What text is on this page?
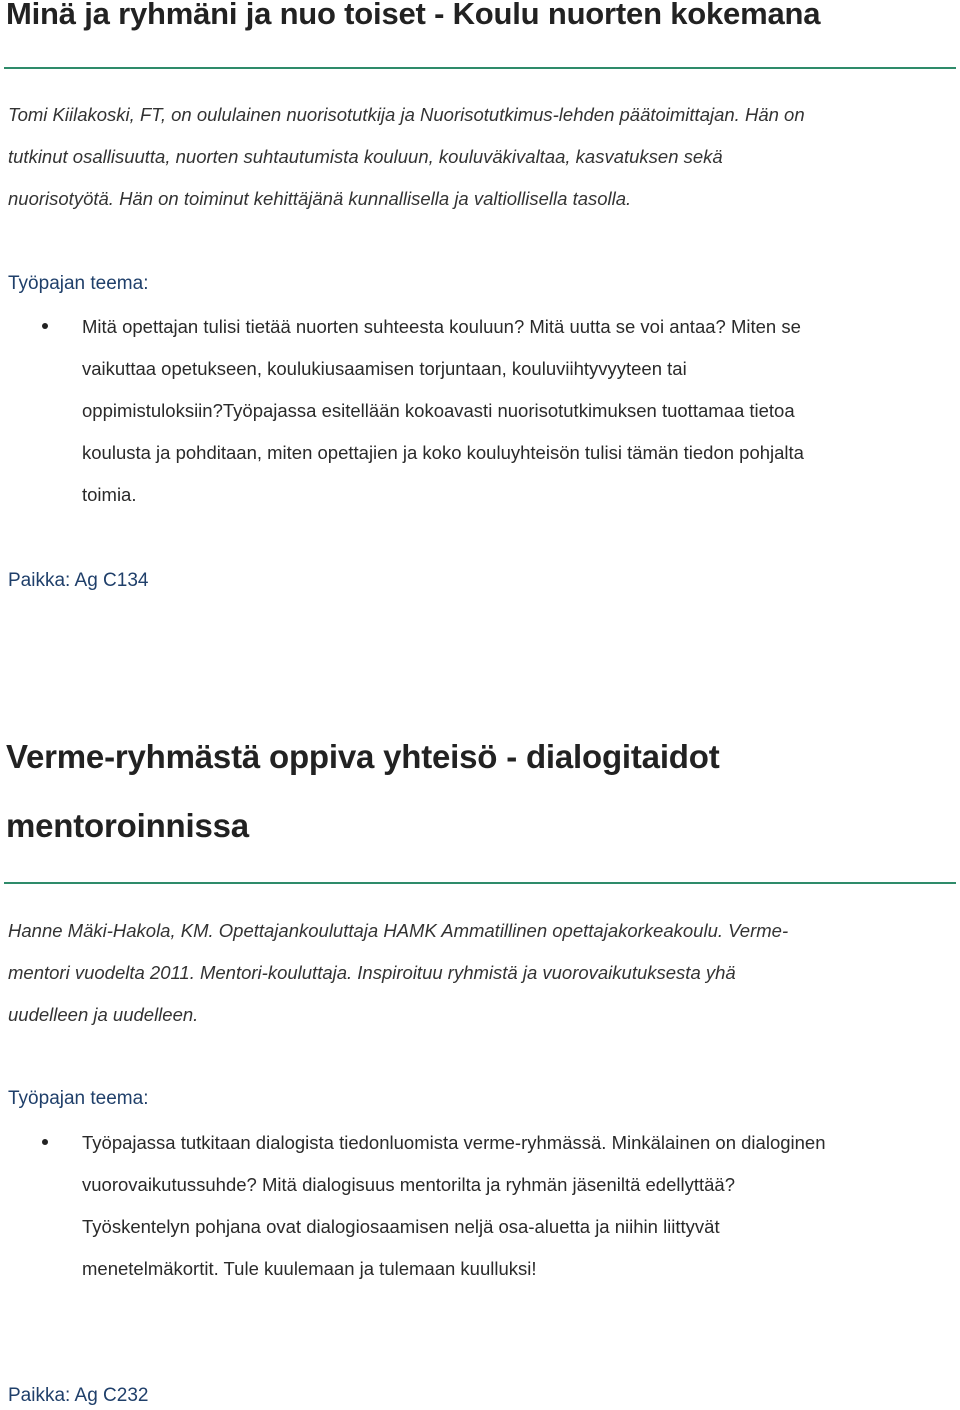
Minä ja ryhmäni ja nuo toiset - Koulu nuorten kokemana

Tomi Kiilakoski, FT, on oululainen nuorisotutkija ja Nuorisotutkimus-lehden päätoimittajan. Hän on

tutkinut osallisuutta, nuorten suhtautumista kouluun, kouluväkivaltaa, kasvatuksen sekä

nuorisotyötä. Hän on toiminut kehittäjänä kunnallisella ja valtiollisella tasolla.

Työpajan teema:

Mitä opettajan tulisi tietää nuorten suhteesta kouluun? Mitä uutta se voi antaa? Miten se

vaikuttaa opetukseen, koulukiusaamisen torjuntaan, kouluviihtyvyyteen tai

oppimistuloksiin?Työpajassa esitellään kokoavasti nuorisotutkimuksen tuottamaa tietoa

koulusta ja pohditaan, miten opettajien ja koko kouluyhteisön tulisi tämän tiedon pohjalta

toimia.

Paikka: Ag C134

Verme-ryhmästä oppiva yhteisö - dialogitaidot
mentoroinnissa

Hanne Mäki-Hakola, KM. Opettajankouluttaja HAMK Ammatillinen opettajakorkeakoulu. Verme-

mentori vuodelta 2011. Mentori-kouluttaja. Inspiroituu ryhmistä ja vuorovaikutuksesta yhä

uudelleen ja uudelleen.

Työpajan teema:

Työpajassa tutkitaan dialogista tiedonluomista verme-ryhmässä. Minkälainen on dialoginen

vuorovaikutussuhde? Mitä dialogisuus mentorilta ja ryhmän jäseniltä edellyttää?

Työskentelyn pohjana ovat dialogiosaamisen neljä osa-aluetta ja niihin liittyvät

menetelmäkortit. Tule kuulemaan ja tulemaan kuulluksi!

Paikka: Ag C232
